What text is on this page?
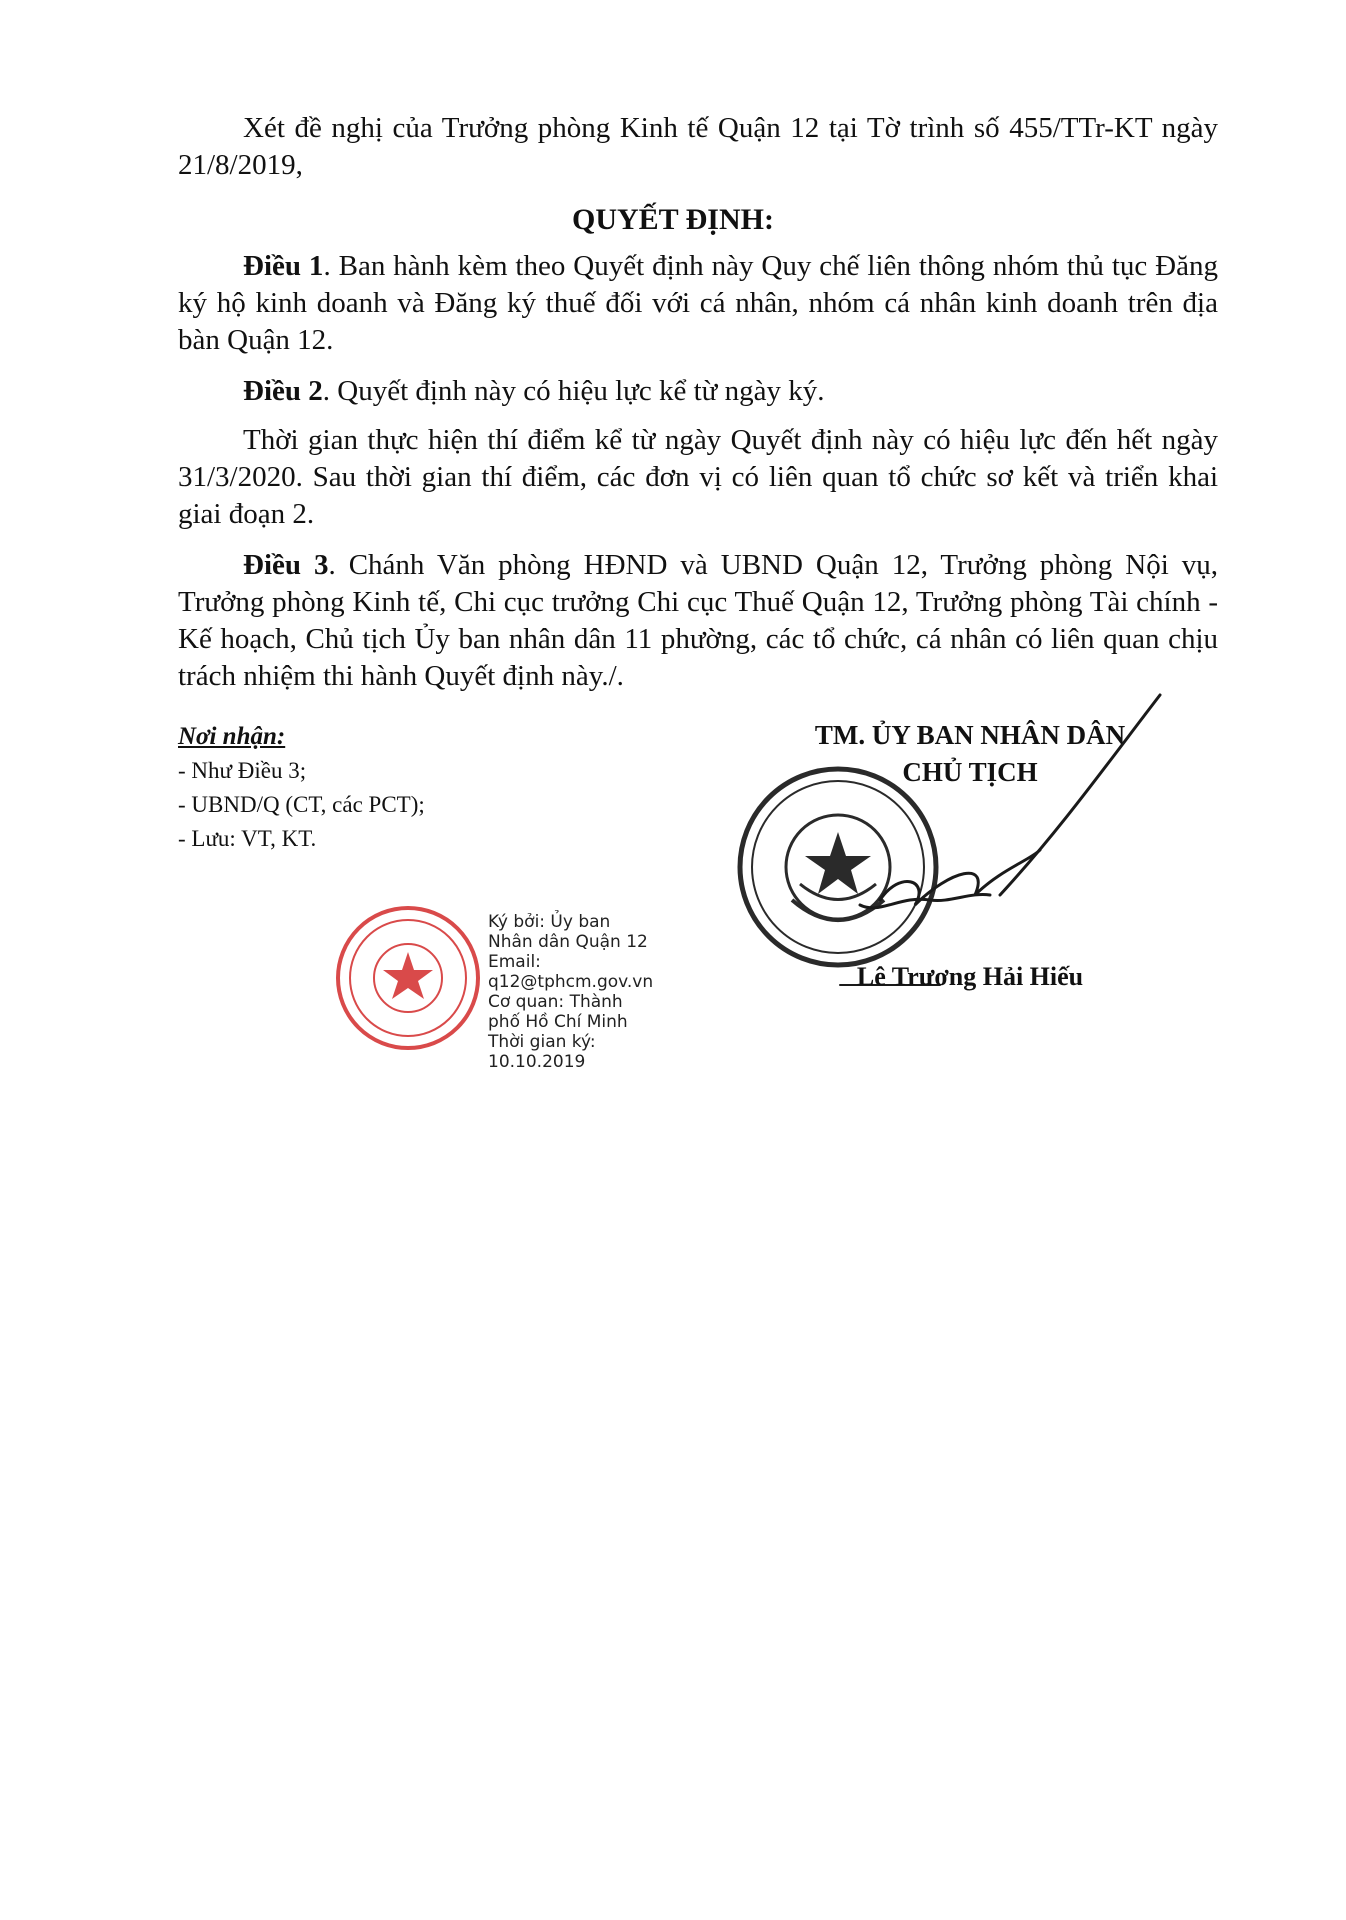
Xét đề nghị của Trưởng phòng Kinh tế Quận 12 tại Tờ trình số 455/TTr-KT ngày 21/8/2019,

QUYẾT ĐỊNH:

Điều 1. Ban hành kèm theo Quyết định này Quy chế liên thông nhóm thủ tục Đăng ký hộ kinh doanh và Đăng ký thuế đối với cá nhân, nhóm cá nhân kinh doanh trên địa bàn Quận 12.

Điều 2. Quyết định này có hiệu lực kể từ ngày ký.

Thời gian thực hiện thí điểm kể từ ngày Quyết định này có hiệu lực đến hết ngày 31/3/2020. Sau thời gian thí điểm, các đơn vị có liên quan tổ chức sơ kết và triển khai giai đoạn 2.

Điều 3. Chánh Văn phòng HĐND và UBND Quận 12, Trưởng phòng Nội vụ, Trưởng phòng Kinh tế, Chi cục trưởng Chi cục Thuế Quận 12, Trưởng phòng Tài chính - Kế hoạch, Chủ tịch Ủy ban nhân dân 11 phường, các tổ chức, cá nhân có liên quan chịu trách nhiệm thi hành Quyết định này./.

Nơi nhận:
- Như Điều 3;
- UBND/Q (CT, các PCT);
- Lưu: VT, KT.
TM. ỦY BAN NHÂN DÂN
CHỦ TỊCH
Lê Trương Hải Hiếu
Ký bởi: Ủy ban
Nhân dân Quận 12
Email:
q12@tphcm.gov.vn
Cơ quan: Thành
phố Hồ Chí Minh
Thời gian ký:
10.10.2019
